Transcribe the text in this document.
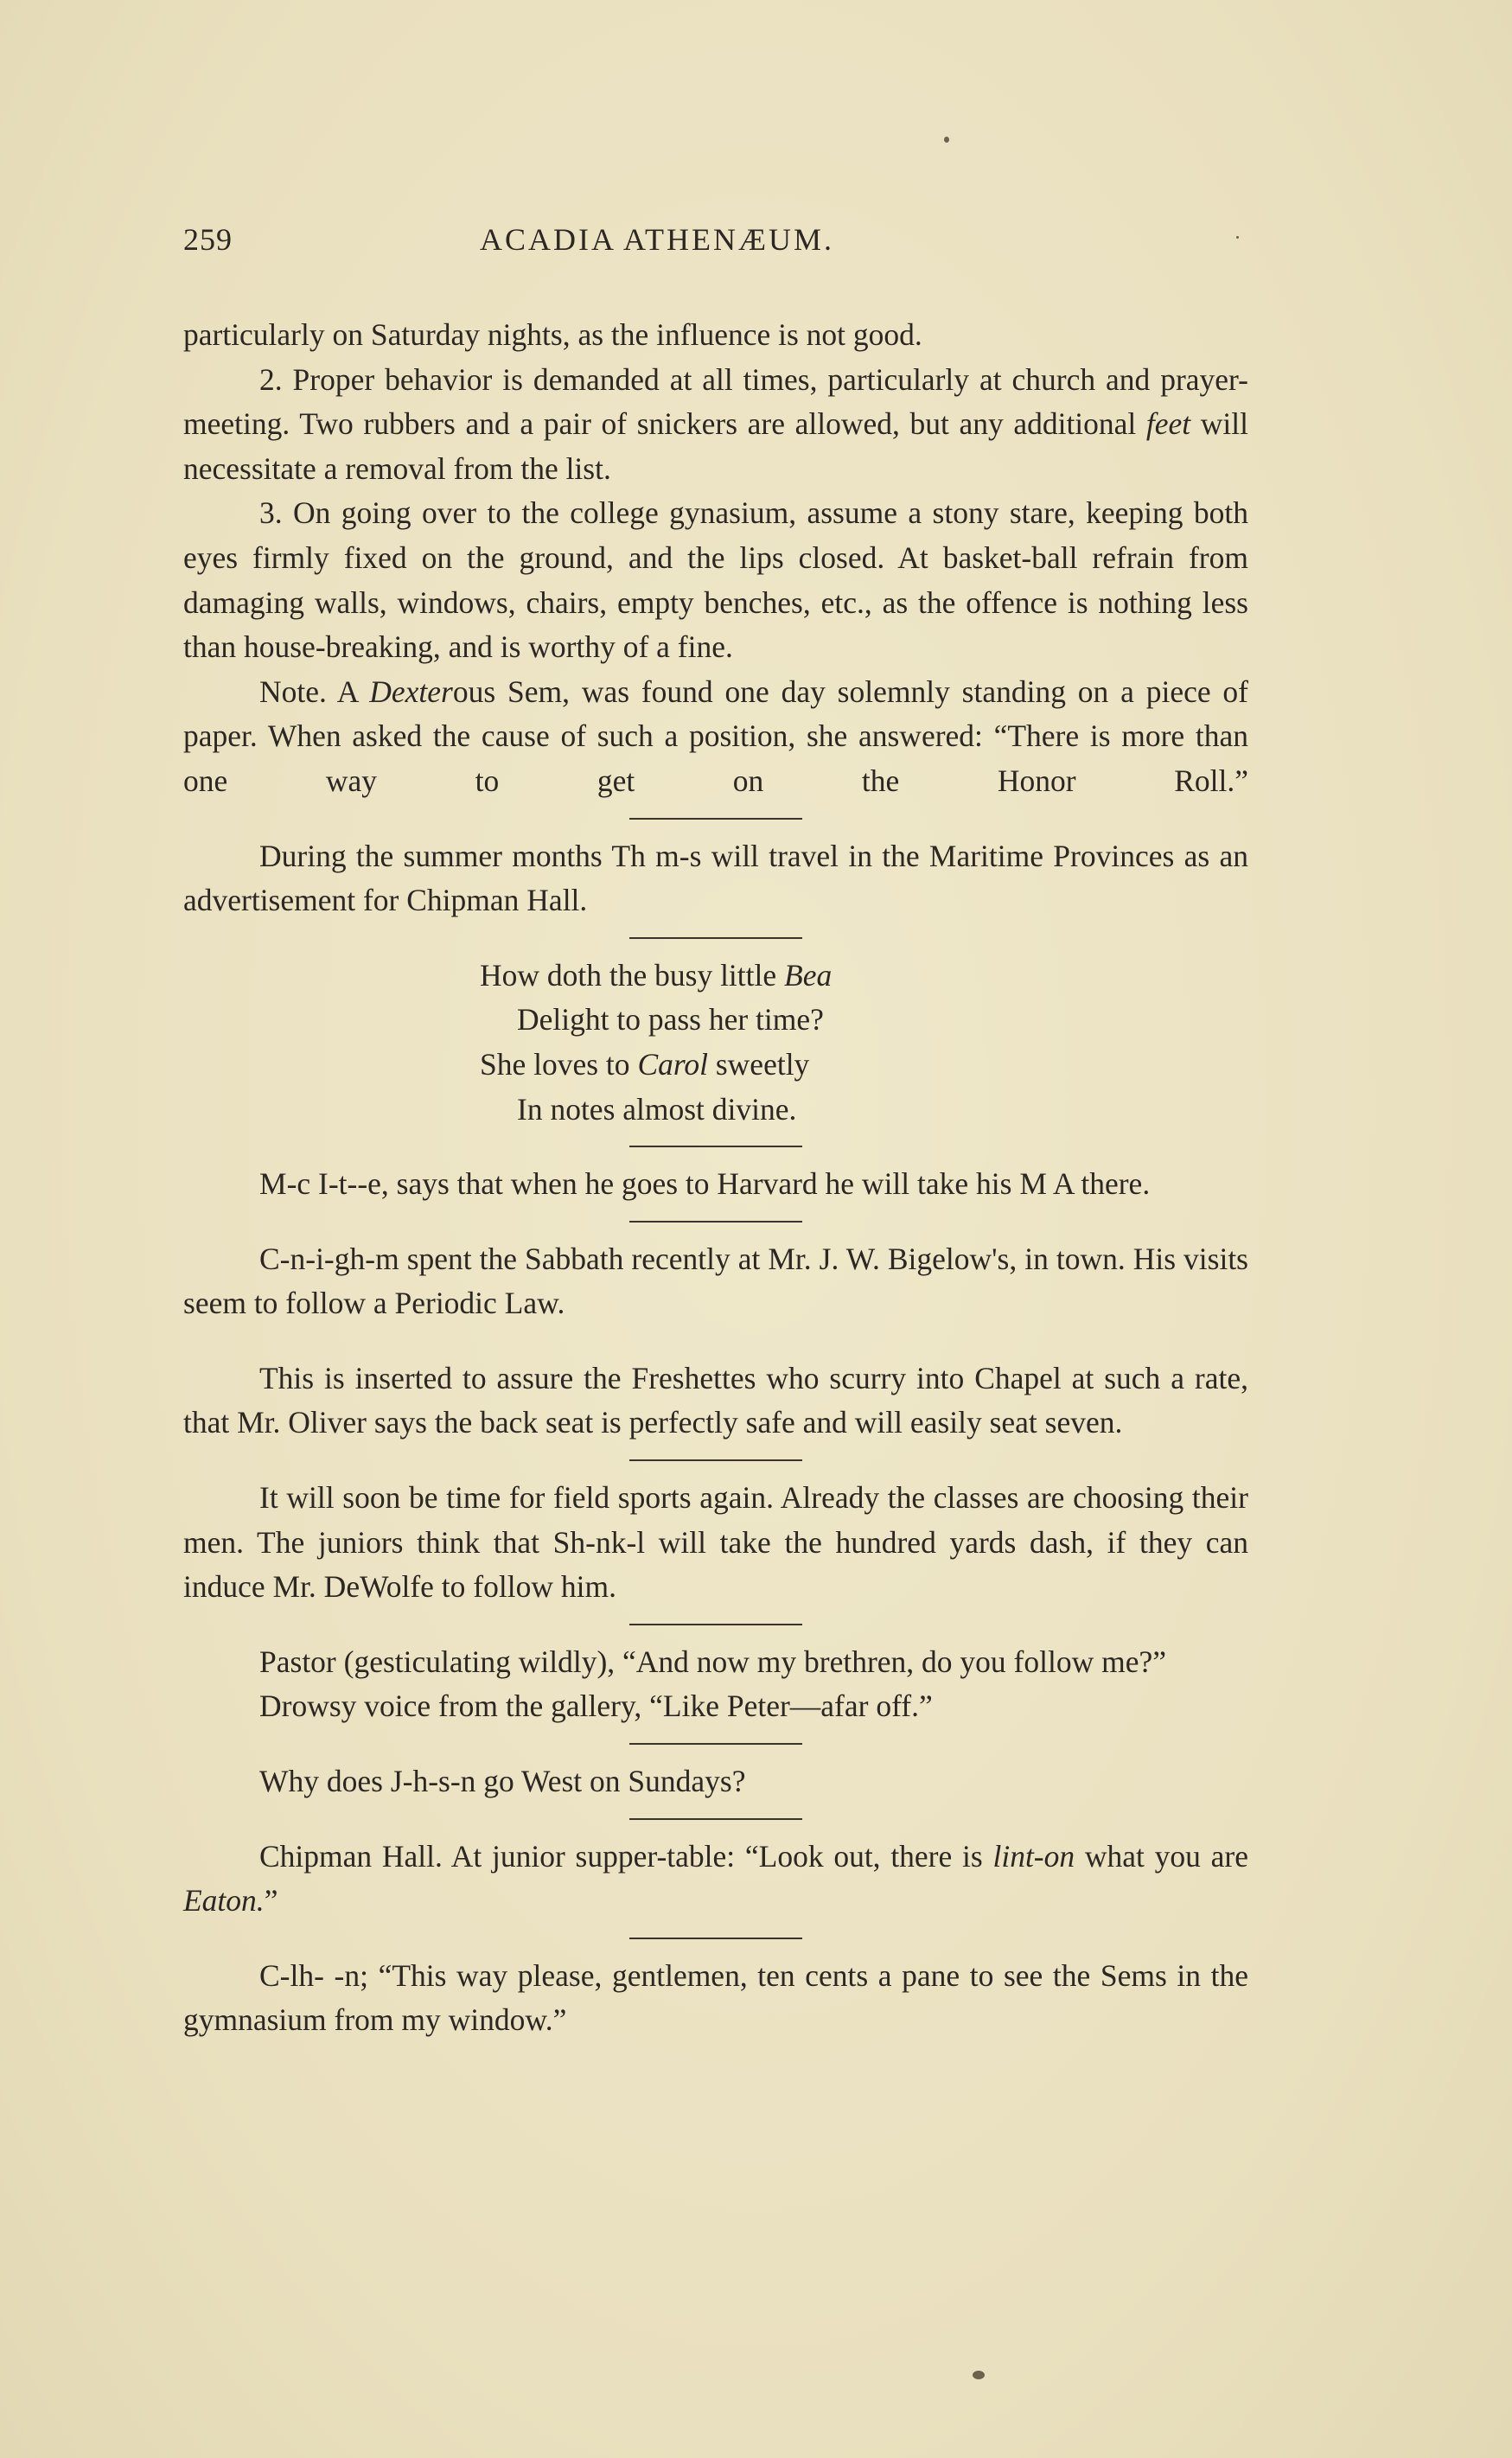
259	ACADIA ATHENÆUM.

particularly on Saturday nights, as the influence is not good.

2. Proper behavior is demanded at all times, particularly at church and prayer-meeting. Two rubbers and a pair of snickers are allowed, but any additional feet will necessitate a removal from the list.

3. On going over to the college gynasium, assume a stony stare, keeping both eyes firmly fixed on the ground, and the lips closed. At basket-ball refrain from damaging walls, windows, chairs, empty benches, etc., as the offence is nothing less than house-breaking, and is worthy of a fine.

Note. A Dexterous Sem, was found one day solemnly standing on a piece of paper. When asked the cause of such a position, she answered: “There is more than one way to get on the Honor Roll.”

During the summer months Th m-s will travel in the Maritime Provinces as an advertisement for Chipman Hall.

How doth the busy little Bea
Delight to pass her time?
She loves to Carol sweetly
In notes almost divine.

M-c I-t--e, says that when he goes to Harvard he will take his M A there.

C-n-i-gh-m spent the Sabbath recently at Mr. J. W. Bigelow's, in town. His visits seem to follow a Periodic Law.

This is inserted to assure the Freshettes who scurry into Chapel at such a rate, that Mr. Oliver says the back seat is perfectly safe and will easily seat seven.

It will soon be time for field sports again. Already the classes are choosing their men. The juniors think that Sh-nk-l will take the hundred yards dash, if they can induce Mr. DeWolfe to follow him.

Pastor (gesticulating wildly), “And now my brethren, do you follow me?”

Drowsy voice from the gallery, “Like Peter—afar off.”

Why does J-h-s-n go West on Sundays?

Chipman Hall. At junior supper-table: “Look out, there is lint-on what you are Eaton.”

C-lh- -n; “This way please, gentlemen, ten cents a pane to see the Sems in the gymnasium from my window.”
